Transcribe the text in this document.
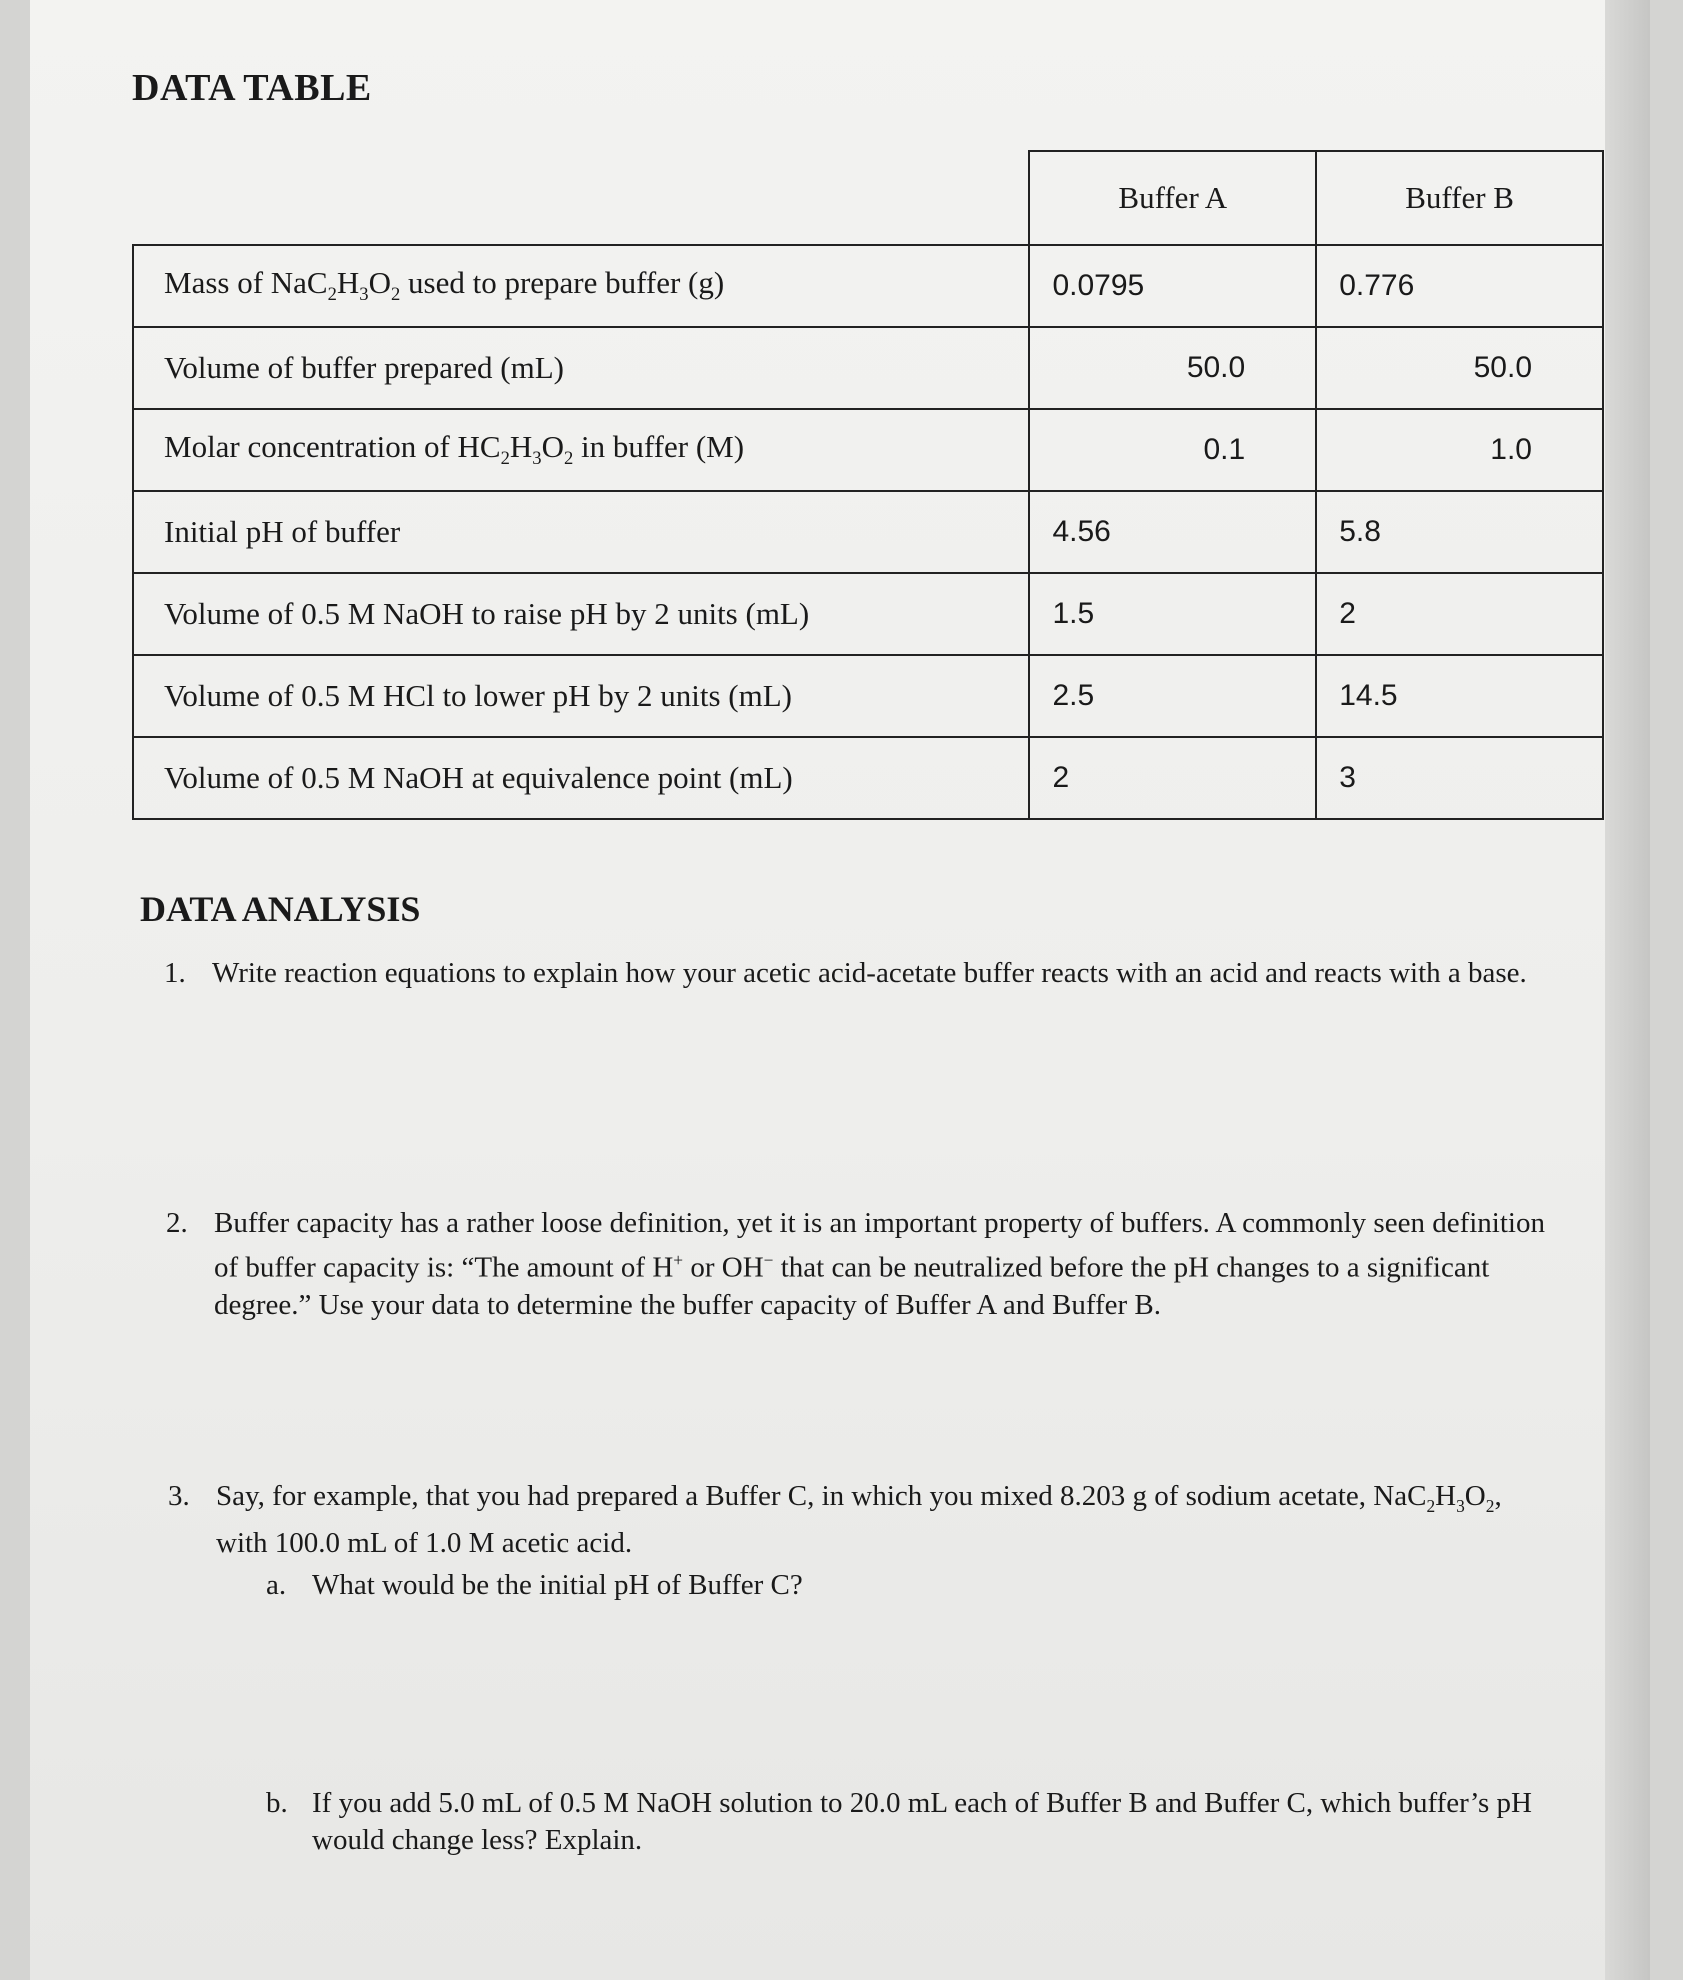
DATA TABLE
	Buffer A	Buffer B
Mass of $NaC_2H_3O_2$ used to prepare buffer (g)	0.0795	0.776
Volume of buffer prepared (mL)	50.0	50.0
Molar concentration of $HC_2H_3O_2$ in buffer (M)	0.1	1.0
Initial pH of buffer	4.56	5.8
Volume of 0.5 M NaOH to raise pH by 2 units (mL)	1.5	2
Volume of 0.5 M HCl to lower pH by 2 units (mL)	2.5	14.5
Volume of 0.5 M NaOH at equivalence point (mL)	2	3
DATA ANALYSIS
1. Write reaction equations to explain how your acetic acid-acetate buffer reacts with an acid and reacts with a base.
2. Buffer capacity has a rather loose definition, yet it is an important property of buffers. A commonly seen definition of buffer capacity is: “The amount of H+ or OH− that can be neutralized before the pH changes to a significant degree.” Use your data to determine the buffer capacity of Buffer A and Buffer B.
3. Say, for example, that you had prepared a Buffer C, in which you mixed 8.203 g of sodium acetate, $NaC_2H_3O_2$, with 100.0 mL of 1.0 M acetic acid.
a. What would be the initial pH of Buffer C?
b. If you add 5.0 mL of 0.5 M NaOH solution to 20.0 mL each of Buffer B and Buffer C, which buffer’s pH would change less? Explain.
